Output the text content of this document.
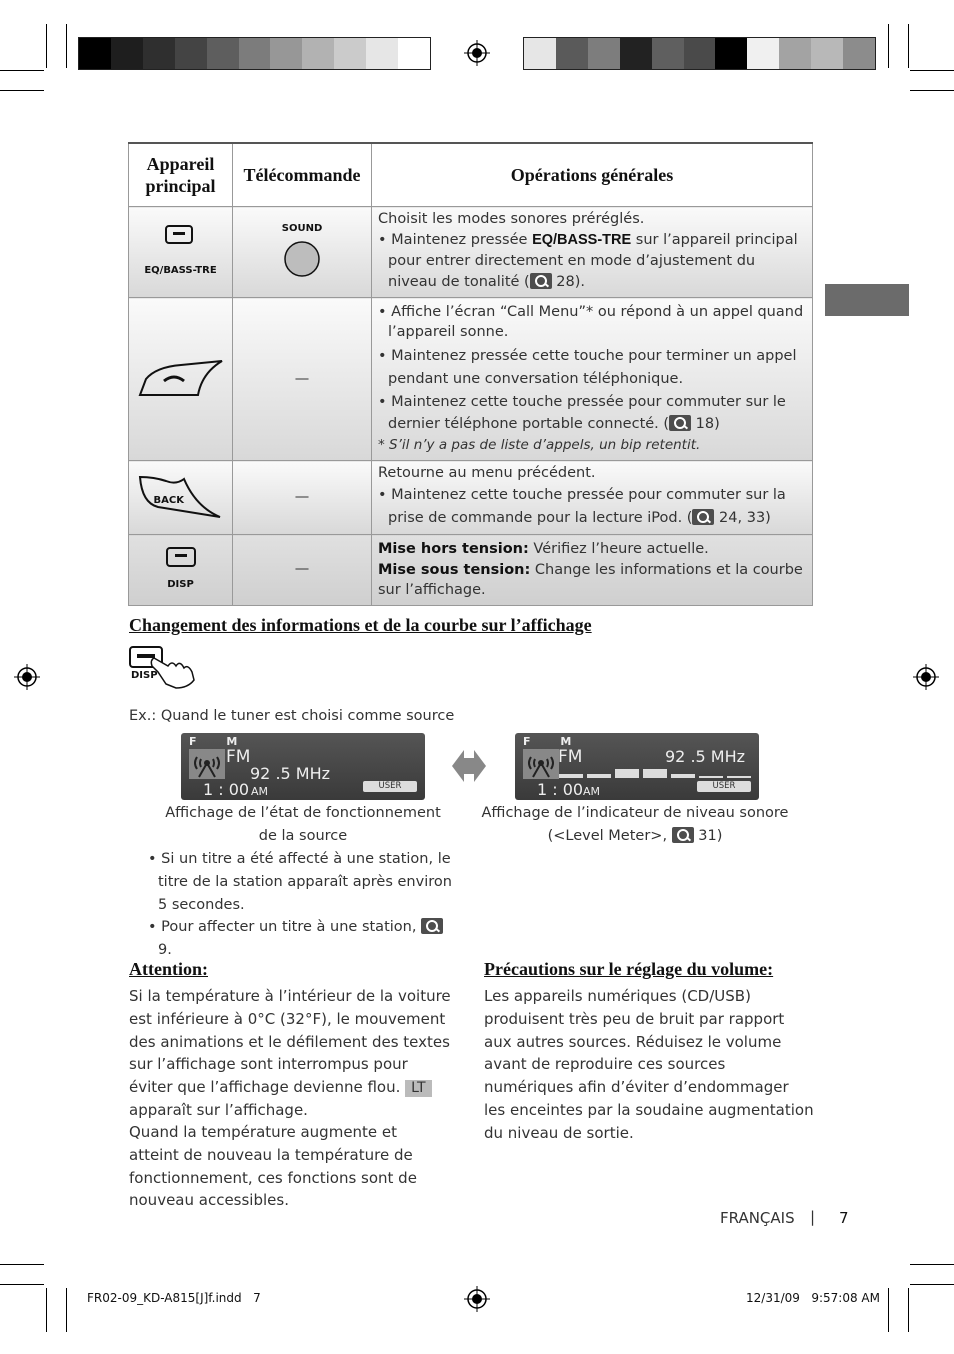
Appareil principal	Télécommande	Opérations générales

EQ/BASS-TRE	SOUND	Choisit les modes sonores préréglés.
• Maintenez pressée EQ/BASS-TRE sur l’appareil principal pour entrer directement en mode d’ajustement du niveau de tonalité ( 28).

	—	• Affiche l’écran “Call Menu”* ou répond à un appel quand l’appareil sonne.
• Maintenez pressée cette touche pour terminer un appel pendant une conversation téléphonique.
• Maintenez cette touche pressée pour commuter sur le dernier téléphone portable connecté. ( 18)
* S’il n’y a pas de liste d’appels, un bip retentit.

BACK	—	Retourne au menu précédent.
• Maintenez cette touche pressée pour commuter sur la prise de commande pour la lecture iPod. ( 24, 33)

DISP	—	Mise hors tension: Vérifiez l’heure actuelle.
Mise sous tension: Change les informations et la courbe sur l’affichage.
Changement des informations et de la courbe sur l’affichage
DISP
Ex.: Quand le tuner est choisi comme source
F M
FM
92 .5 MHz
1 : 00 AM	USER
F M
FM	92 .5 MHz
1 : 00 AM	USER
Affichage de l’état de fonctionnement de la source
Affichage de l’indicateur de niveau sonore
(<Level Meter>,  31)
• Si un titre a été affecté à une station, le titre de la station apparaît après environ 5 secondes.
• Pour affecter un titre à une station,  9.
Attention:
Si la température à l’intérieur de la voiture est inférieure à 0°C (32°F), le mouvement des animations et le défilement des textes sur l’affichage sont interrompus pour éviter que l’affichage devienne flou. LT apparaît sur l’affichage.
Quand la température augmente et atteint de nouveau la température de fonctionnement, ces fonctions sont de nouveau accessibles.
Précautions sur le réglage du volume:
Les appareils numériques (CD/USB) produisent très peu de bruit par rapport aux autres sources. Réduisez le volume avant de reproduire ces sources numériques afin d’éviter d’endommager les enceintes par la soudaine augmentation du niveau de sortie.
FRANÇAIS | 7
FR02-09_KD-A815[J]f.indd   7	12/31/09   9:57:08 AM
